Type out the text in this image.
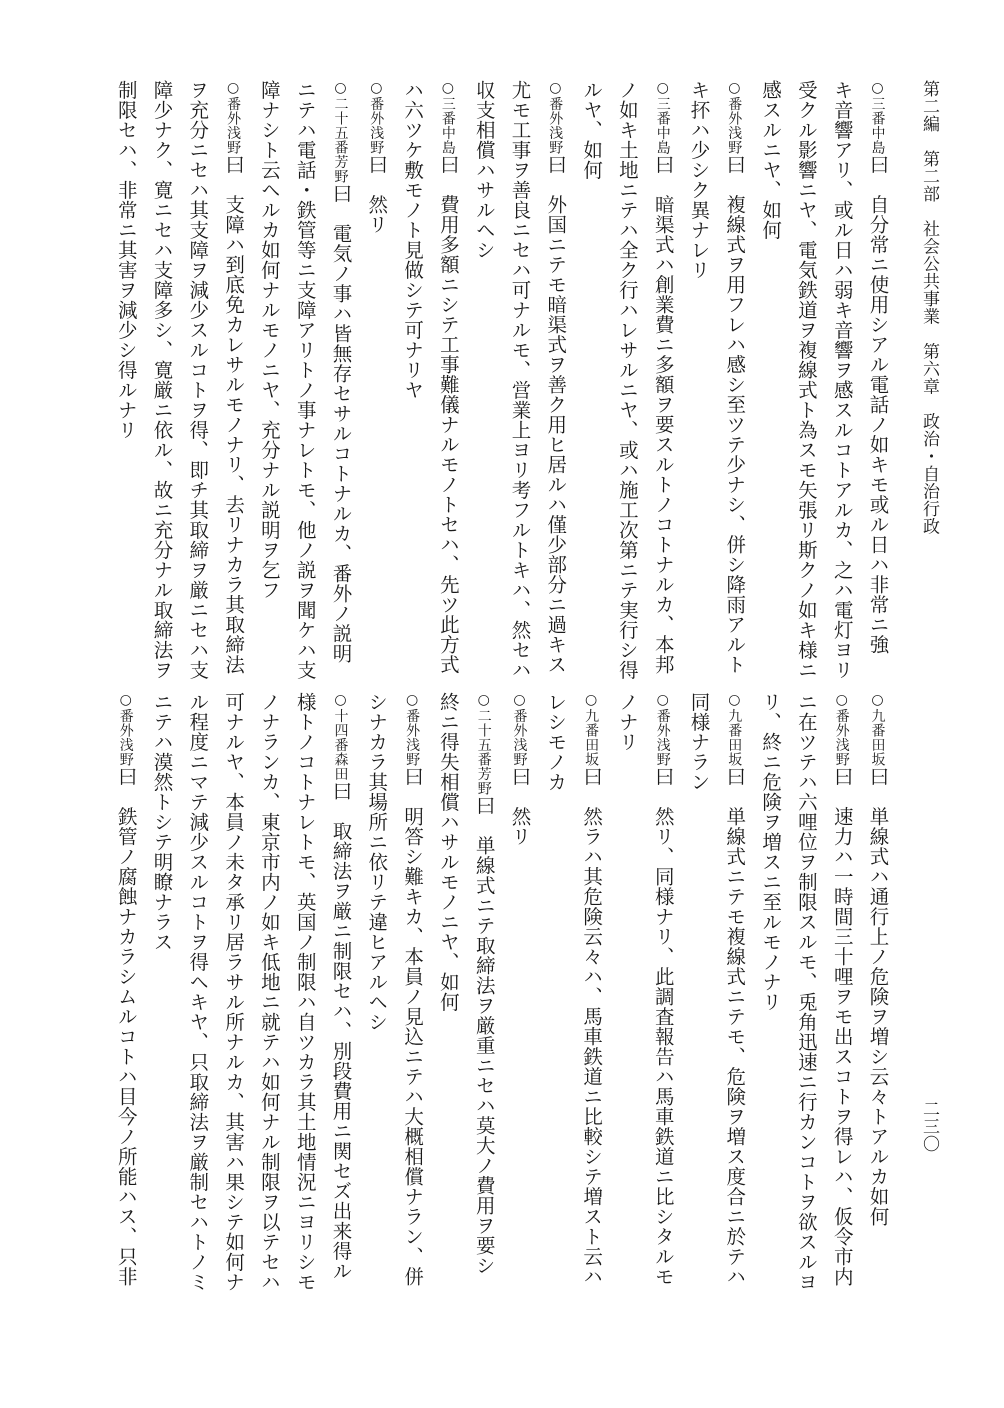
第二編　第二部　社会公共事業　第六章　政治・自治行政
二三〇
○三番中島曰　自分常ニ使用シアル電話ノ如キモ或ル日ハ非常ニ強
キ音響アリ、或ル日ハ弱キ音響ヲ感スルコトアルカ、之ハ電灯ヨリ
受クル影響ニヤ、電気鉄道ヲ複線式ト為スモ矢張リ斯クノ如キ様ニ
感スルニヤ、如何
○番外浅野曰　複線式ヲ用フレハ感シ至ツテ少ナシ、併シ降雨アルト
キ抔ハ少シク異ナレリ
○三番中島曰　暗渠式ハ創業費ニ多額ヲ要スルトノコトナルカ、本邦
ノ如キ土地ニテハ全ク行ハレサルニヤ、或ハ施工次第ニテ実行シ得
ルヤ、如何
○番外浅野曰　外国ニテモ暗渠式ヲ善ク用ヒ居ルハ僅少部分ニ過キス
尤モ工事ヲ善良ニセハ可ナルモ、営業上ヨリ考フルトキハ、然セハ
収支相償ハサルヘシ
○三番中島曰　費用多額ニシテ工事難儀ナルモノトセハ、先ツ此方式
ハ六ツケ敷モノト見做シテ可ナリヤ
○番外浅野曰　然リ
○二十五番芳野曰　電気ノ事ハ皆無存セサルコトナルカ、番外ノ説明
ニテハ電話・鉄管等ニ支障アリトノ事ナレトモ、他ノ説ヲ聞ケハ支
障ナシト云ヘルカ如何ナルモノニヤ、充分ナル説明ヲ乞フ
○番外浅野曰　支障ハ到底免カレサルモノナリ、去リナカラ其取締法
ヲ充分ニセハ其支障ヲ減少スルコトヲ得、即チ其取締ヲ厳ニセハ支
障少ナク、寛ニセハ支障多シ、寛厳ニ依ル、故ニ充分ナル取締法ヲ
制限セハ、非常ニ其害ヲ減少シ得ルナリ
○九番田坂曰　単線式ハ通行上ノ危険ヲ増シ云々トアルカ如何
○番外浅野曰　速力ハ一時間三十哩ヲモ出スコトヲ得レハ、仮令市内
ニ在ツテハ六哩位ヲ制限スルモ、兎角迅速ニ行カンコトヲ欲スルヨ
リ、終ニ危険ヲ増スニ至ルモノナリ
○九番田坂曰　単線式ニテモ複線式ニテモ、危険ヲ増ス度合ニ於テハ
同様ナラン
○番外浅野曰　然リ、同様ナリ、此調査報告ハ馬車鉄道ニ比シタルモ
ノナリ
○九番田坂曰　然ラハ其危険云々ハ、馬車鉄道ニ比較シテ増スト云ハ
レシモノカ
○番外浅野曰　然リ
○二十五番芳野曰　単線式ニテ取締法ヲ厳重ニセハ莫大ノ費用ヲ要シ
終ニ得失相償ハサルモノニヤ、如何
○番外浅野曰　明答シ難キカ、本員ノ見込ニテハ大概相償ナラン、併
シナカラ其場所ニ依リテ違ヒアルヘシ
○十四番森田曰　取締法ヲ厳ニ制限セハ、別段費用ニ関セズ出来得ル
様トノコトナレトモ、英国ノ制限ハ自ツカラ其土地情況ニヨリシモ
ノナランカ、東京市内ノ如キ低地ニ就テハ如何ナル制限ヲ以テセハ
可ナルヤ、本員ノ未タ承リ居ラサル所ナルカ、其害ハ果シテ如何ナ
ル程度ニマテ減少スルコトヲ得ヘキヤ、只取締法ヲ厳制セハトノミ
ニテハ漠然トシテ明瞭ナラス
○番外浅野曰　鉄管ノ腐蝕ナカラシムルコトハ目今ノ所能ハス、只非
